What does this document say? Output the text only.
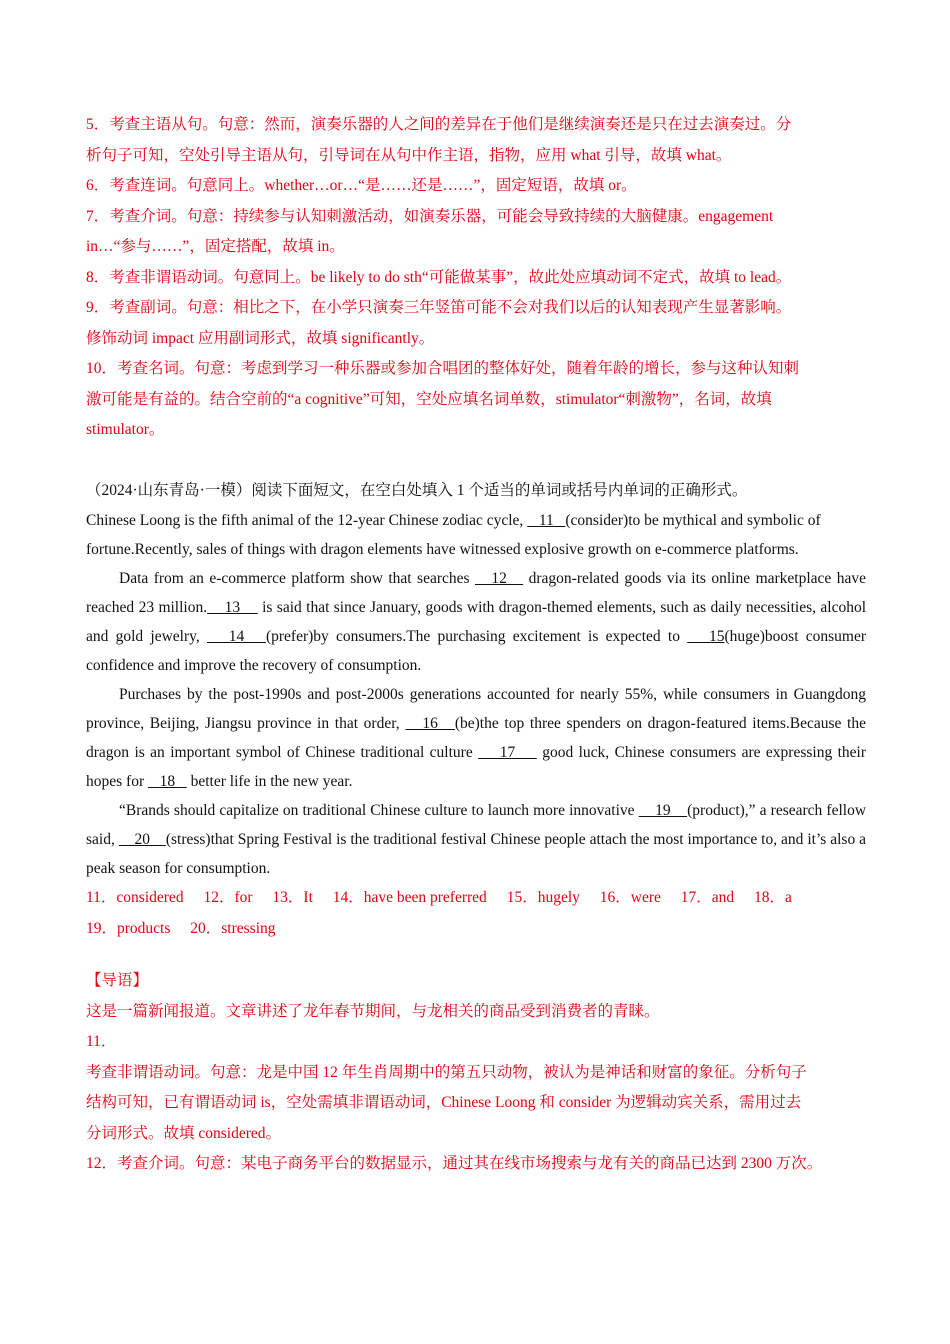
5．考查主语从句。句意：然而，演奏乐器的人之间的差异在于他们是继续演奏还是只在过去演奏过。分
析句子可知，空处引导主语从句，引导词在从句中作主语，指物，应用 what 引导，故填 what。
6．考查连词。句意同上。whether…or…“是……还是……”，固定短语，故填 or。
7．考查介词。句意：持续参与认知刺激活动，如演奏乐器，可能会导致持续的大脑健康。engagement
in…“参与……”，固定搭配，故填 in。
8．考查非谓语动词。句意同上。be likely to do sth“可能做某事”，故此处应填动词不定式，故填 to lead。
9．考查副词。句意：相比之下，在小学只演奏三年竖笛可能不会对我们以后的认知表现产生显著影响。
修饰动词 impact 应用副词形式，故填 significantly。
10．考查名词。句意：考虑到学习一种乐器或参加合唱团的整体好处，随着年龄的增长，参与这种认知刺
激可能是有益的。结合空前的“a cognitive”可知，空处应填名词单数，stimulator“刺激物”，名词，故填
stimulator。
（2024·山东青岛·一模）阅读下面短文，在空白处填入 1 个适当的单词或括号内单词的正确形式。
Chinese Loong is the fifth animal of the 12-year Chinese zodiac cycle,    11   (consider)to be mythical and symbolic of fortune.Recently, sales of things with dragon elements have witnessed explosive growth on e-commerce platforms.
Data from an e-commerce platform show that searches    12    dragon-related goods via its online marketplace have reached 23 million.    13     is said that since January, goods with dragon-themed elements, such as daily necessities, alcohol and gold jewelry,    14   (prefer)by consumers.The purchasing excitement is expected to    15(huge)boost consumer confidence and improve the recovery of consumption.
Purchases by the post-1990s and post-2000s generations accounted for nearly 55%, while consumers in Guangdong province, Beijing, Jiangsu province in that order,    16   (be)the top three spenders on dragon-featured items.Because the dragon is an important symbol of Chinese traditional culture     17     good luck, Chinese consumers are expressing their hopes for    18    better life in the new year.
“Brands should capitalize on traditional Chinese culture to launch more innovative     19    (product),” a research fellow said,     20    (stress)that Spring Festival is the traditional festival Chinese people attach the most importance to, and it’s also a peak season for consumption.
11．considered 12．for 13．It 14．have been preferred 15．hugely 16．were 17．and 18．a
19．products 20．stressing
【导语】
这是一篇新闻报道。文章讲述了龙年春节期间，与龙相关的商品受到消费者的青睐。
11．
考查非谓语动词。句意：龙是中国 12 年生肖周期中的第五只动物，被认为是神话和财富的象征。分析句子
结构可知，已有谓语动词 is，空处需填非谓语动词，Chinese Loong 和 consider 为逻辑动宾关系，需用过去
分词形式。故填 considered。
12．考查介词。句意：某电子商务平台的数据显示，通过其在线市场搜索与龙有关的商品已达到 2300 万次。
